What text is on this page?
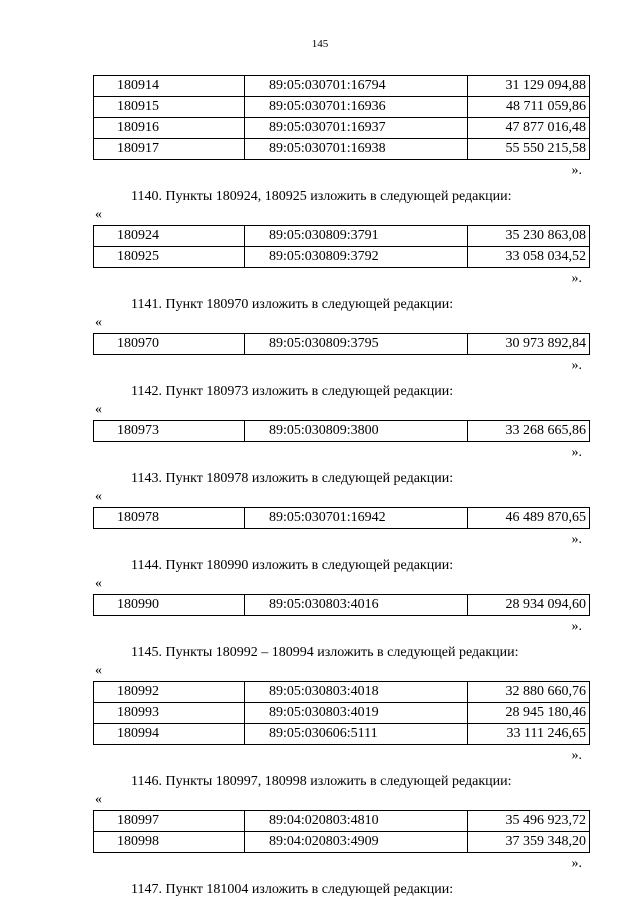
145
180914	89:05:030701:16794	31 129 094,88
180915	89:05:030701:16936	48 711 059,86
180916	89:05:030701:16937	47 877 016,48
180917	89:05:030701:16938	55 550 215,58
».
1140. Пункты 180924, 180925 изложить в следующей редакции:
«
180924	89:05:030809:3791	35 230 863,08
180925	89:05:030809:3792	33 058 034,52
».
1141. Пункт 180970 изложить в следующей редакции:
«
180970	89:05:030809:3795	30 973 892,84
».
1142. Пункт 180973 изложить в следующей редакции:
«
180973	89:05:030809:3800	33 268 665,86
».
1143. Пункт 180978 изложить в следующей редакции:
«
180978	89:05:030701:16942	46 489 870,65
».
1144. Пункт 180990 изложить в следующей редакции:
«
180990	89:05:030803:4016	28 934 094,60
».
1145. Пункты 180992 – 180994 изложить в следующей редакции:
«
180992	89:05:030803:4018	32 880 660,76
180993	89:05:030803:4019	28 945 180,46
180994	89:05:030606:5111	33 111 246,65
».
1146. Пункты 180997, 180998 изложить в следующей редакции:
«
180997	89:04:020803:4810	35 496 923,72
180998	89:04:020803:4909	37 359 348,20
».
1147. Пункт 181004 изложить в следующей редакции:
